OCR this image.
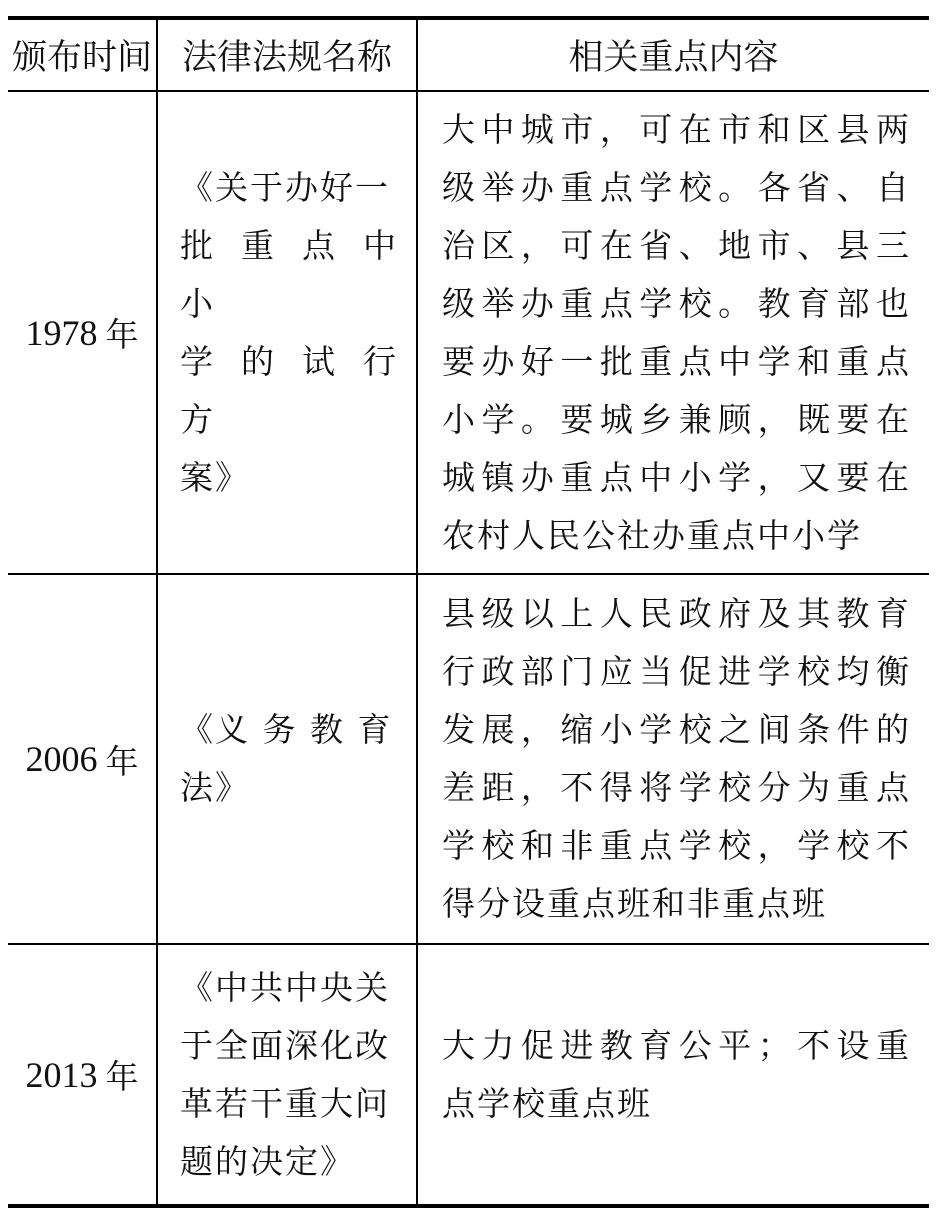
颁布时间 法律法规名称	相关重点内容
1978 年
《关于办好一
批 重 点 中 小
学 的 试 行 方
案》
大中城市，可在市和区县两
级举办重点学校。各省、自
治区，可在省、地市、县三
级举办重点学校。教育部也
要办好一批重点中学和重点
小学。要城乡兼顾，既要在
城镇办重点中小学，又要在
农村人民公社办重点中小学
2006 年
《义 务 教 育
法》
县级以上人民政府及其教育
行政部门应当促进学校均衡
发展，缩小学校之间条件的
差距，不得将学校分为重点
学校和非重点学校，学校不
得分设重点班和非重点班
2013 年
《中共中央关
于全面深化改
革若干重大问
题的决定》
大力促进教育公平；不设重
点学校重点班
